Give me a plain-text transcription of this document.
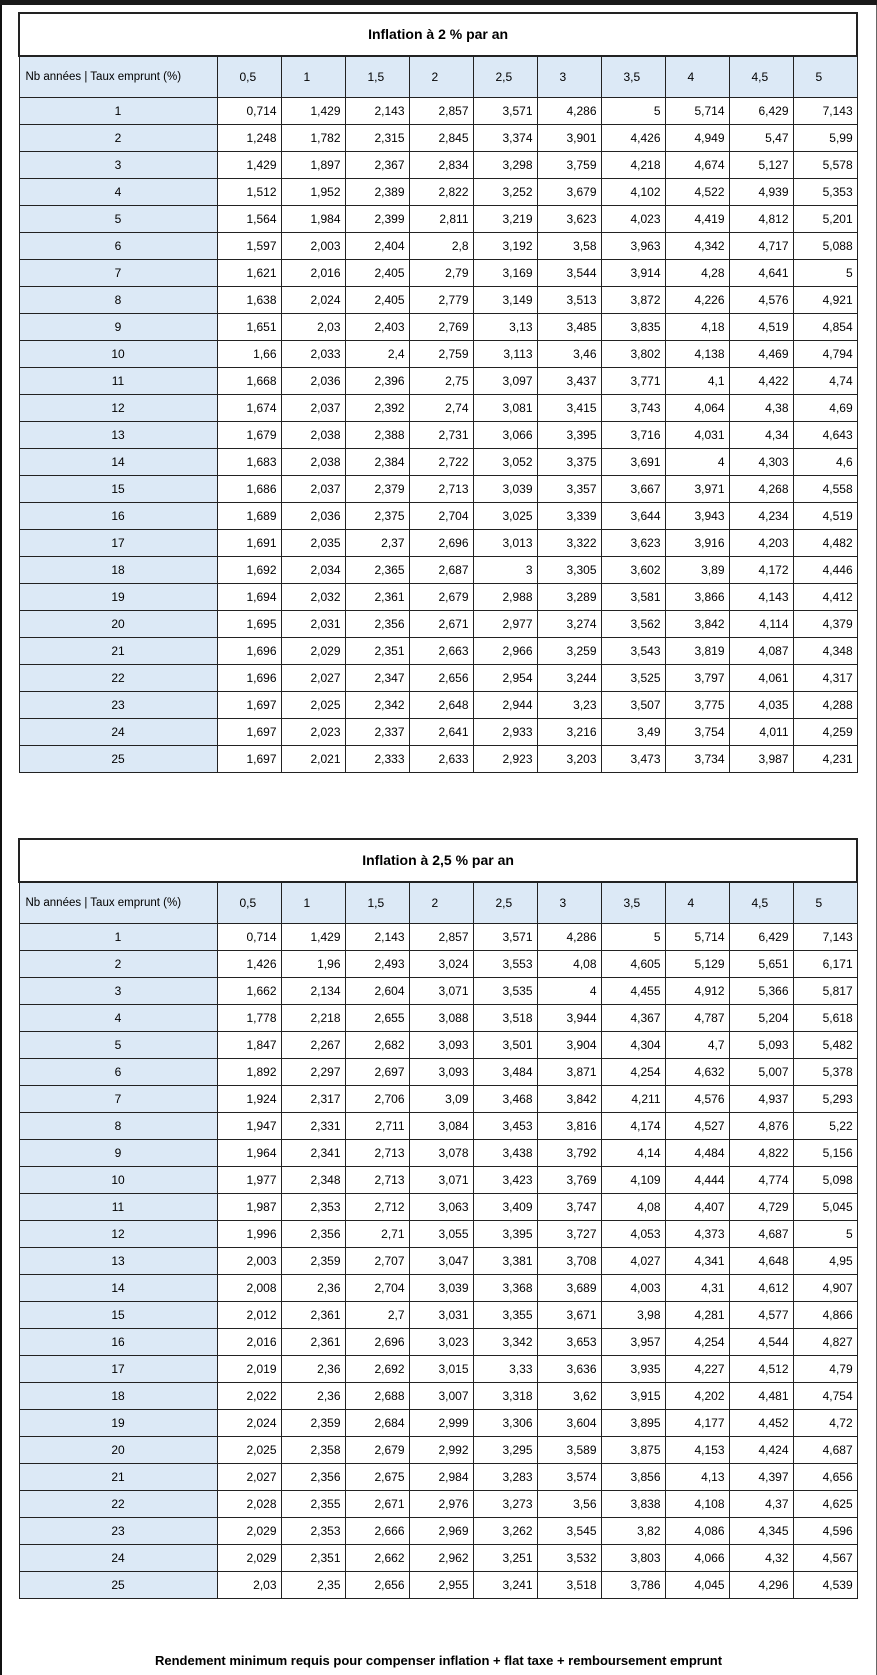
Inflation à 2 % par an										
Nb années | Taux emprunt (%)	0,5	1	1,5	2	2,5	3	3,5	4	4,5	5
1	0,714	1,429	2,143	2,857	3,571	4,286	5	5,714	6,429	7,143
2	1,248	1,782	2,315	2,845	3,374	3,901	4,426	4,949	5,47	5,99
3	1,429	1,897	2,367	2,834	3,298	3,759	4,218	4,674	5,127	5,578
4	1,512	1,952	2,389	2,822	3,252	3,679	4,102	4,522	4,939	5,353
5	1,564	1,984	2,399	2,811	3,219	3,623	4,023	4,419	4,812	5,201
6	1,597	2,003	2,404	2,8	3,192	3,58	3,963	4,342	4,717	5,088
7	1,621	2,016	2,405	2,79	3,169	3,544	3,914	4,28	4,641	5
8	1,638	2,024	2,405	2,779	3,149	3,513	3,872	4,226	4,576	4,921
9	1,651	2,03	2,403	2,769	3,13	3,485	3,835	4,18	4,519	4,854
10	1,66	2,033	2,4	2,759	3,113	3,46	3,802	4,138	4,469	4,794
11	1,668	2,036	2,396	2,75	3,097	3,437	3,771	4,1	4,422	4,74
12	1,674	2,037	2,392	2,74	3,081	3,415	3,743	4,064	4,38	4,69
13	1,679	2,038	2,388	2,731	3,066	3,395	3,716	4,031	4,34	4,643
14	1,683	2,038	2,384	2,722	3,052	3,375	3,691	4	4,303	4,6
15	1,686	2,037	2,379	2,713	3,039	3,357	3,667	3,971	4,268	4,558
16	1,689	2,036	2,375	2,704	3,025	3,339	3,644	3,943	4,234	4,519
17	1,691	2,035	2,37	2,696	3,013	3,322	3,623	3,916	4,203	4,482
18	1,692	2,034	2,365	2,687	3	3,305	3,602	3,89	4,172	4,446
19	1,694	2,032	2,361	2,679	2,988	3,289	3,581	3,866	4,143	4,412
20	1,695	2,031	2,356	2,671	2,977	3,274	3,562	3,842	4,114	4,379
21	1,696	2,029	2,351	2,663	2,966	3,259	3,543	3,819	4,087	4,348
22	1,696	2,027	2,347	2,656	2,954	3,244	3,525	3,797	4,061	4,317
23	1,697	2,025	2,342	2,648	2,944	3,23	3,507	3,775	4,035	4,288
24	1,697	2,023	2,337	2,641	2,933	3,216	3,49	3,754	4,011	4,259
25	1,697	2,021	2,333	2,633	2,923	3,203	3,473	3,734	3,987	4,231
Inflation à 2,5 % par an										
Nb années | Taux emprunt (%)	0,5	1	1,5	2	2,5	3	3,5	4	4,5	5
1	0,714	1,429	2,143	2,857	3,571	4,286	5	5,714	6,429	7,143
2	1,426	1,96	2,493	3,024	3,553	4,08	4,605	5,129	5,651	6,171
3	1,662	2,134	2,604	3,071	3,535	4	4,455	4,912	5,366	5,817
4	1,778	2,218	2,655	3,088	3,518	3,944	4,367	4,787	5,204	5,618
5	1,847	2,267	2,682	3,093	3,501	3,904	4,304	4,7	5,093	5,482
6	1,892	2,297	2,697	3,093	3,484	3,871	4,254	4,632	5,007	5,378
7	1,924	2,317	2,706	3,09	3,468	3,842	4,211	4,576	4,937	5,293
8	1,947	2,331	2,711	3,084	3,453	3,816	4,174	4,527	4,876	5,22
9	1,964	2,341	2,713	3,078	3,438	3,792	4,14	4,484	4,822	5,156
10	1,977	2,348	2,713	3,071	3,423	3,769	4,109	4,444	4,774	5,098
11	1,987	2,353	2,712	3,063	3,409	3,747	4,08	4,407	4,729	5,045
12	1,996	2,356	2,71	3,055	3,395	3,727	4,053	4,373	4,687	5
13	2,003	2,359	2,707	3,047	3,381	3,708	4,027	4,341	4,648	4,95
14	2,008	2,36	2,704	3,039	3,368	3,689	4,003	4,31	4,612	4,907
15	2,012	2,361	2,7	3,031	3,355	3,671	3,98	4,281	4,577	4,866
16	2,016	2,361	2,696	3,023	3,342	3,653	3,957	4,254	4,544	4,827
17	2,019	2,36	2,692	3,015	3,33	3,636	3,935	4,227	4,512	4,79
18	2,022	2,36	2,688	3,007	3,318	3,62	3,915	4,202	4,481	4,754
19	2,024	2,359	2,684	2,999	3,306	3,604	3,895	4,177	4,452	4,72
20	2,025	2,358	2,679	2,992	3,295	3,589	3,875	4,153	4,424	4,687
21	2,027	2,356	2,675	2,984	3,283	3,574	3,856	4,13	4,397	4,656
22	2,028	2,355	2,671	2,976	3,273	3,56	3,838	4,108	4,37	4,625
23	2,029	2,353	2,666	2,969	3,262	3,545	3,82	4,086	4,345	4,596
24	2,029	2,351	2,662	2,962	3,251	3,532	3,803	4,066	4,32	4,567
25	2,03	2,35	2,656	2,955	3,241	3,518	3,786	4,045	4,296	4,539
Rendement minimum requis pour compenser inflation + flat taxe + remboursement emprunt
